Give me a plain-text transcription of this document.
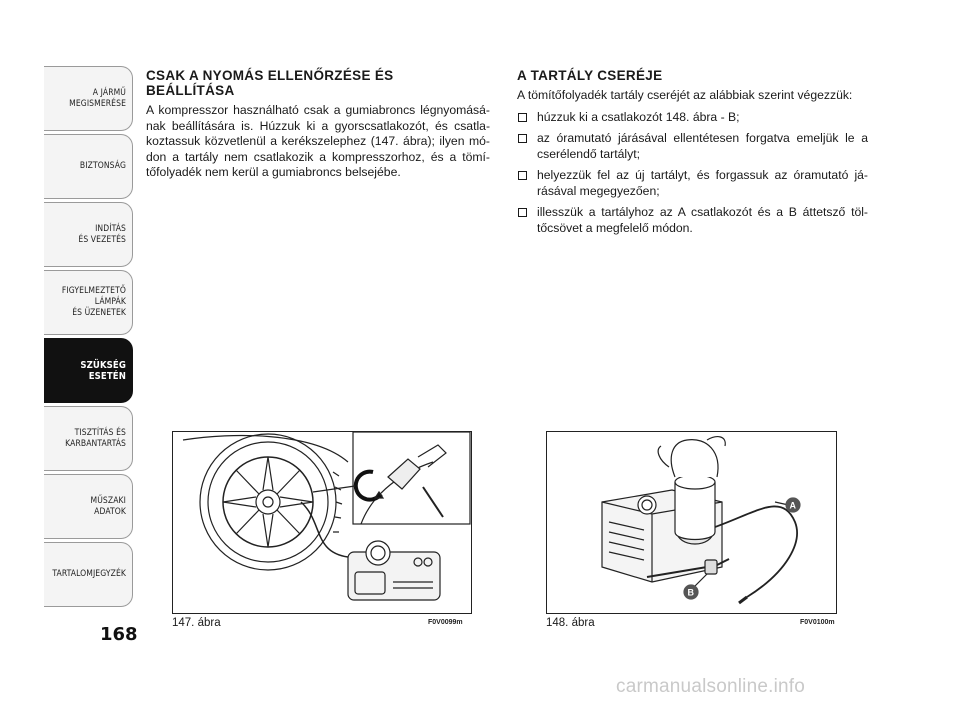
A JÁRMŰ
MEGISMERÉSE
BIZTONSÁG
INDÍTÁS
ÉS VEZETÉS
FIGYELMEZTETŐ
LÁMPÁK
ÉS ÜZENETEK
SZÜKSÉG
ESETÉN
TISZTÍTÁS ÉS
KARBANTARTÁS
MŰSZAKI
ADATOK
TARTALOMJEGYZÉK
168
CSAK A NYOMÁS ELLENŐRZÉSE ÉS
BEÁLLÍTÁSA

A kompresszor használható csak a gumiabroncs légnyomásá-nak beállítására is. Húzzuk ki a gyorscsatlakozót, és csatla-koztassuk közvetlenül a kerékszelephez (147. ábra); ilyen mó-don a tartály nem csatlakozik a kompresszorhoz, és a tömí-tőfolyadék nem kerül a gumiabroncs belsejébe.

A TARTÁLY CSERÉJE

A tömítőfolyadék tartály cseréjét az alábbiak szerint végezzük:

húzzuk ki a csatlakozót 148. ábra - B;
az óramutató járásával ellentétesen forgatva emeljük le a cserélendő tartályt;
helyezzük fel az új tartályt, és forgassuk az óramutató já-rásával megegyezően;
illesszük a tartályhoz az A csatlakozót és a B áttetsző töl-tőcsövet a megfelelő módon.
147. ábra	F0V0099m
A
B
148. ábra	F0V0100m
carmanualsonline.info
